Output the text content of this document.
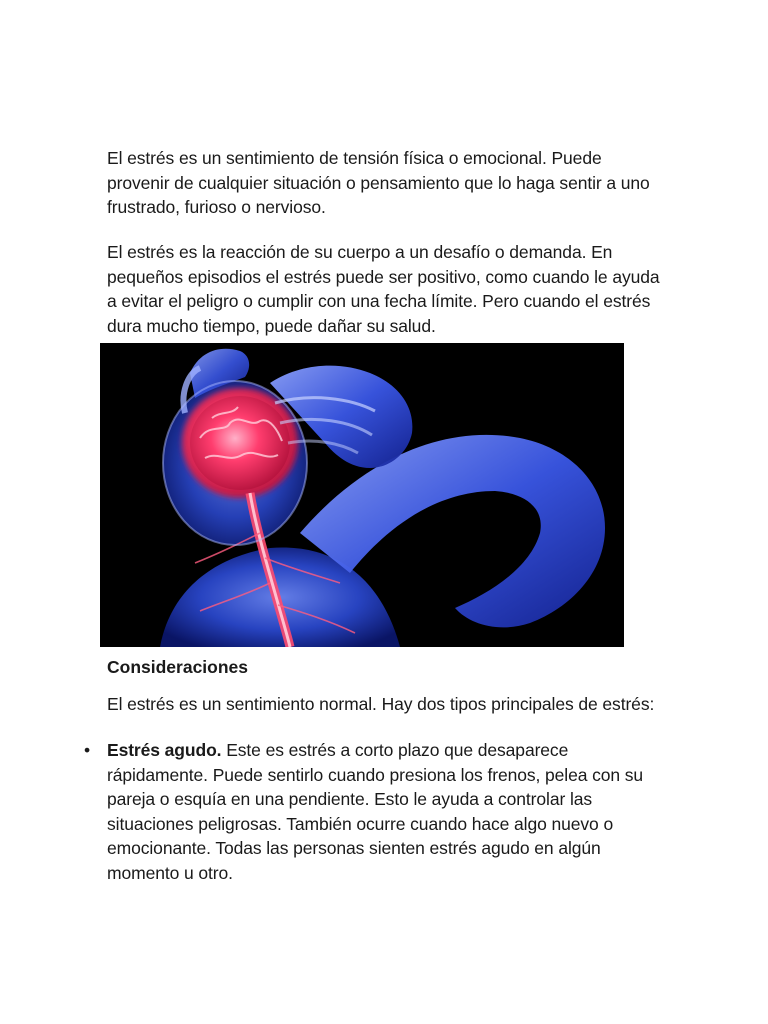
El estrés es un sentimiento de tensión física o emocional. Puede provenir de cualquier situación o pensamiento que lo haga sentir a uno frustrado, furioso o nervioso.

El estrés es la reacción de su cuerpo a un desafío o demanda. En pequeños episodios el estrés puede ser positivo, como cuando le ayuda a evitar el peligro o cumplir con una fecha límite. Pero cuando el estrés dura mucho tiempo, puede dañar su salud.

Consideraciones

El estrés es un sentimiento normal. Hay dos tipos principales de estrés:

• Estrés agudo. Este es estrés a corto plazo que desaparece rápidamente. Puede sentirlo cuando presiona los frenos, pelea con su pareja o esquía en una pendiente. Esto le ayuda a controlar las situaciones peligrosas. También ocurre cuando hace algo nuevo o emocionante. Todas las personas sienten estrés agudo en algún momento u otro.
